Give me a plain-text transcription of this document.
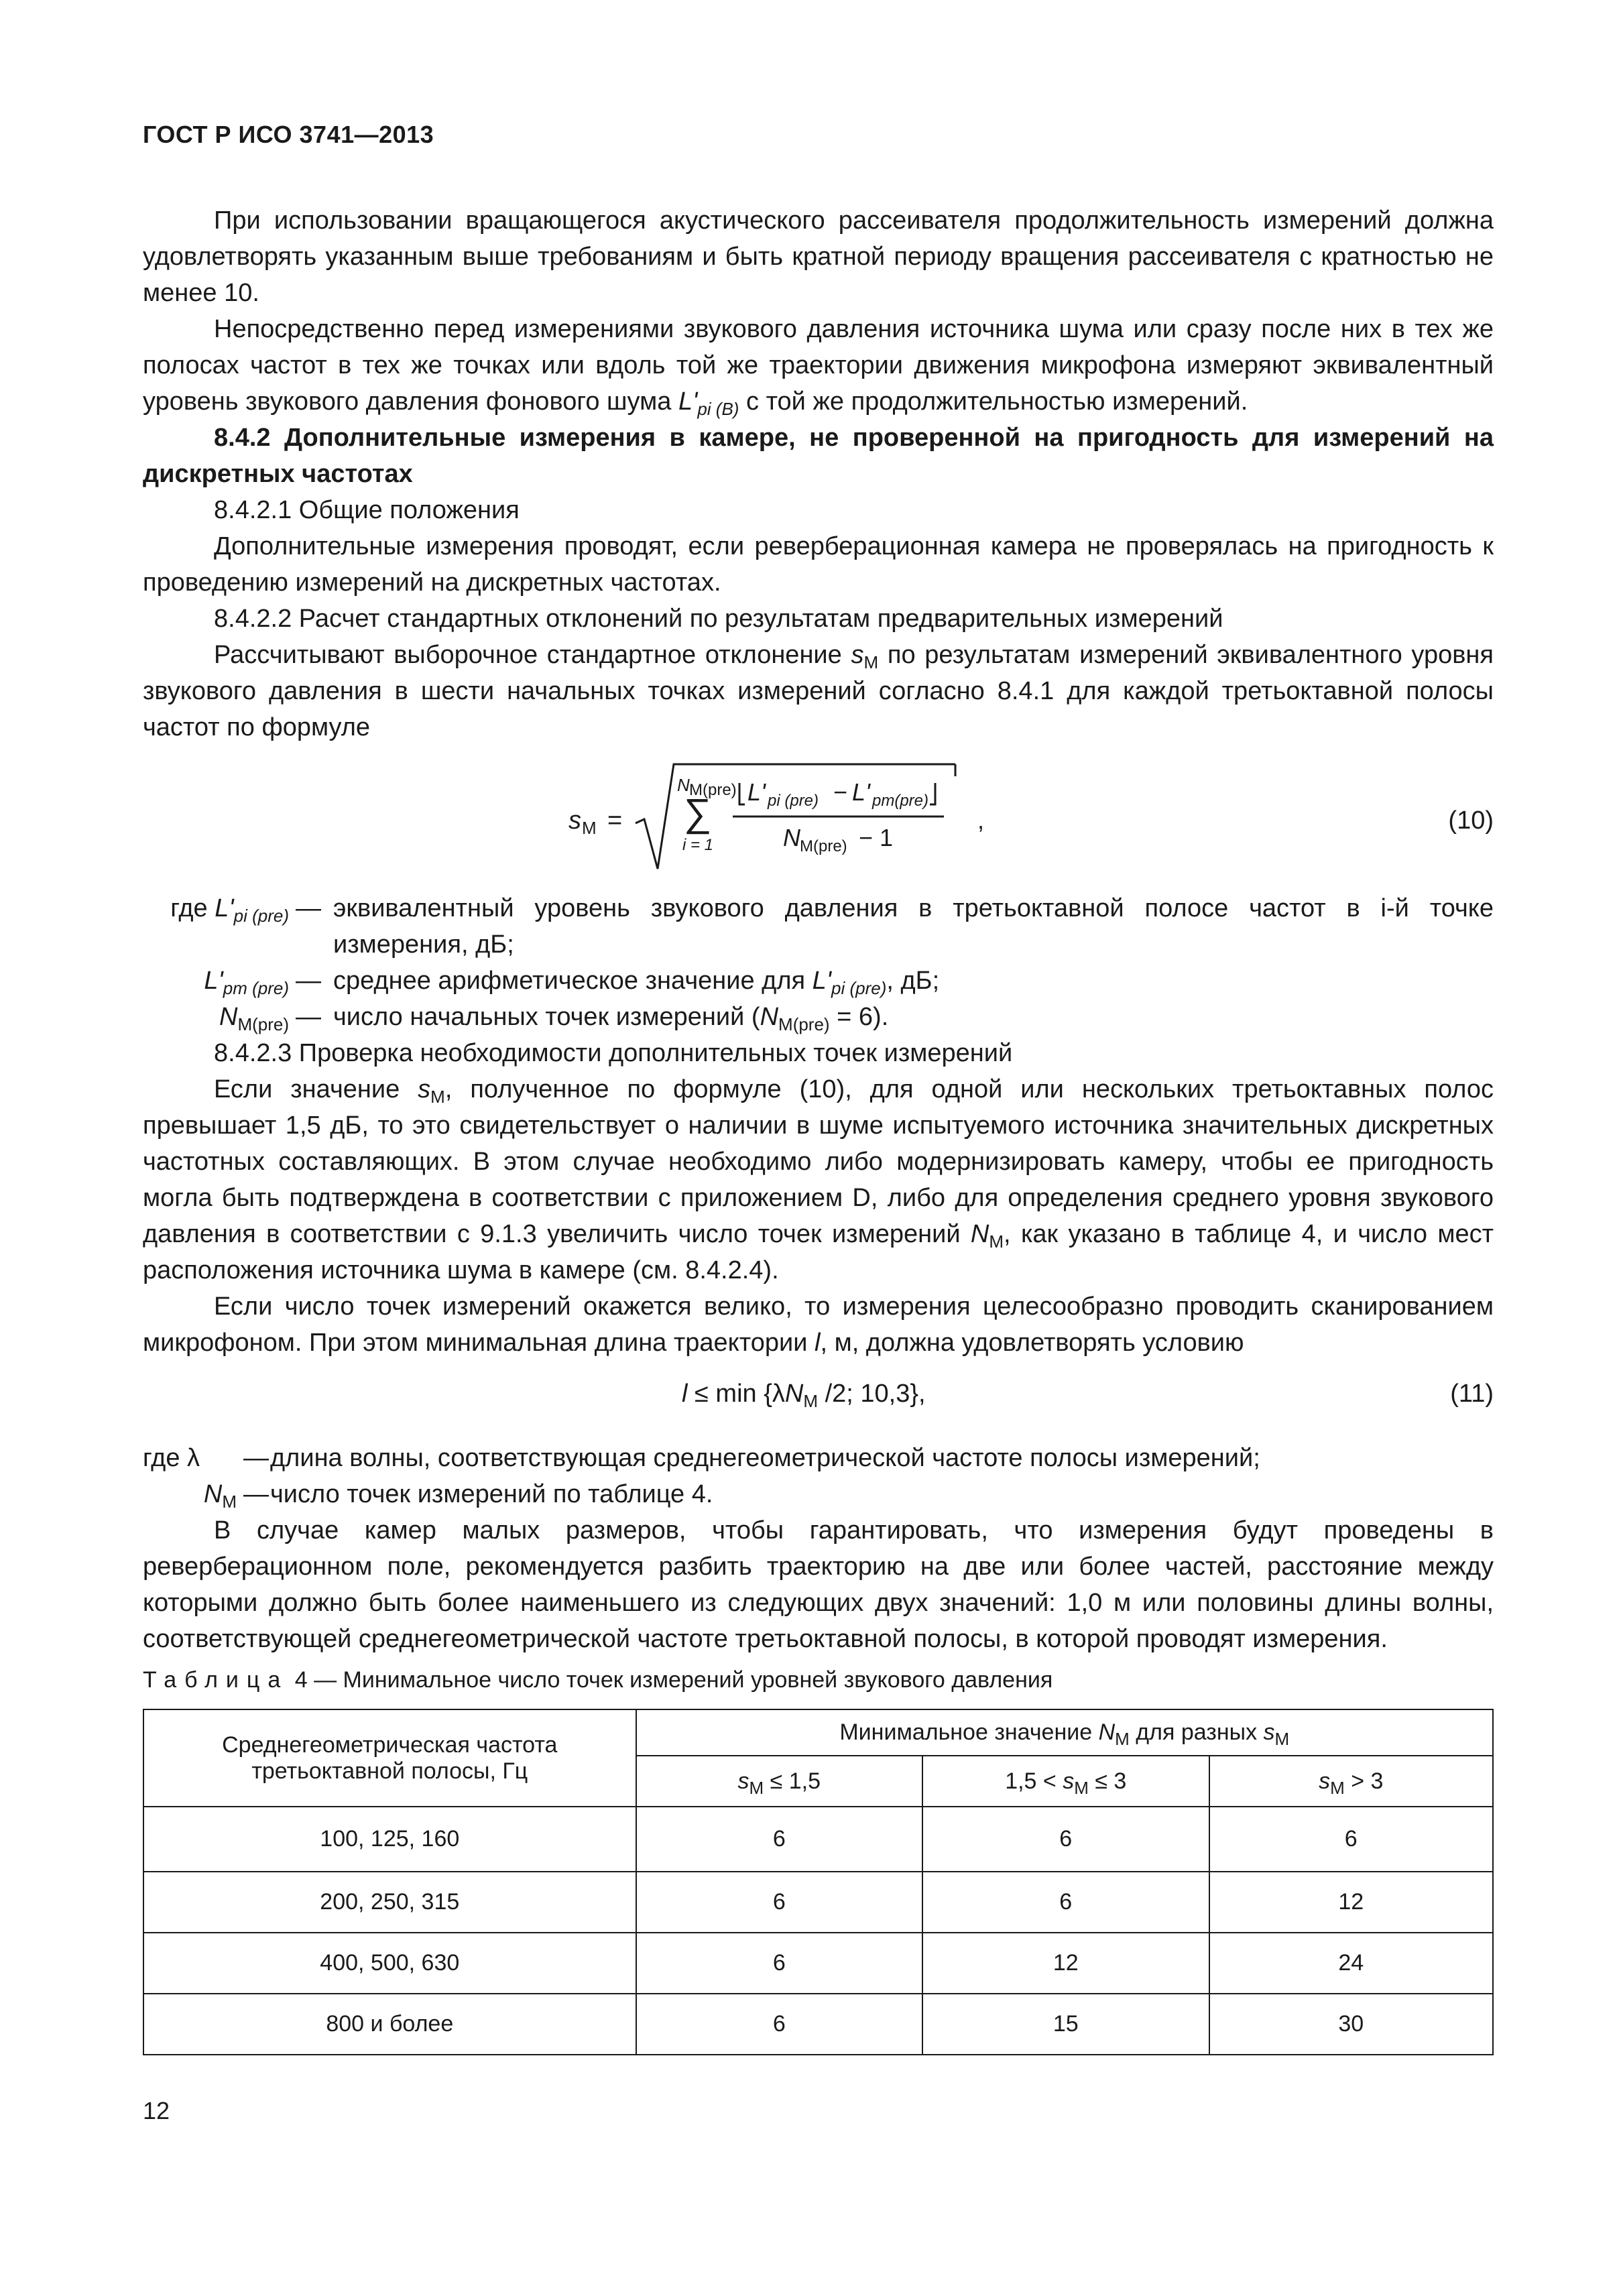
ГОСТ Р ИСО 3741—2013

При использовании вращающегося акустического рассеивателя продолжительность измерений должна удовлетворять указанным выше требованиям и быть кратной периоду вращения рассеивателя с кратностью не менее 10.

Непосредственно перед измерениями звукового давления источника шума или сразу после них в тех же полосах частот в тех же точках или вдоль той же траектории движения микрофона измеряют эквивалентный уровень звукового давления фонового шума $L'_{pi (B)}$ с той же продолжительностью измерений.

8.4.2 Дополнительные измерения в камере, не проверенной на пригодность для измерений на дискретных частотах

8.4.2.1 Общие положения

Дополнительные измерения проводят, если реверберационная камера не проверялась на пригодность к проведению измерений на дискретных частотах.

8.4.2.2 Расчет стандартных отклонений по результатам предварительных измерений

Рассчитывают выборочное стандартное отклонение $s_M$ по результатам измерений эквивалентного уровня звукового давления в шести начальных точках измерений согласно 8.4.1 для каждой третьоктавной полосы частот по формуле

s M =
N M(pre)
∑
i = 1
L' pi (pre) − L' pm(pre)
N M(pre) − 1
,	(10)
где $L'_{pi (pre)}$ — эквивалентный уровень звукового давления в третьоктавной полосе частот в i-й точке измерения, дБ;
$L'_{pm (pre)}$ — среднее арифметическое значение для $L'_{pi (pre)}$, дБ;
$N_{M(pre)}$ — число начальных точек измерений $(N_{M(pre)} = 6)$.

8.4.2.3 Проверка необходимости дополнительных точек измерений

Если значение $s_M$, полученное по формуле (10), для одной или нескольких третьоктавных полос превышает 1,5 дБ, то это свидетельствует о наличии в шуме испытуемого источника значительных дискретных частотных составляющих. В этом случае необходимо либо модернизировать камеру, чтобы ее пригодность могла быть подтверждена в соответствии с приложением D, либо для определения среднего уровня звукового давления в соответствии с 9.1.3 увеличить число точек измерений $N_M$, как указано в таблице 4, и число мест расположения источника шума в камере (см. 8.4.2.4).

Если число точек измерений окажется велико, то измерения целесообразно проводить сканированием микрофоном. При этом минимальная длина траектории l, м, должна удовлетворять условию

$l \le \min \{\lambda N_M$ /2; 10,3},	(11)
где λ	— длина волны, соответствующая среднегеометрической частоте полосы измерений;
$N_M$ — число точек измерений по таблице 4.

В случае камер малых размеров, чтобы гарантировать, что измерения будут проведены в реверберационном поле, рекомендуется разбить траекторию на две или более частей, расстояние между которыми должно быть более наименьшего из следующих двух значений: 1,0 м или половины длины волны, соответствующей среднегеометрической частоте третьоктавной полосы, в которой проводят измерения.

Таблица 4 — Минимальное число точек измерений уровней звукового давления
Среднегеометрическая частота третьоктавной полосы, Гц	Минимальное значение $N_M$ для разных $s_M$
	$s_M \le 1,5$	$1,5 < s_M \le 3$	$s_M > 3$
100, 125, 160	6	6	6
200, 250, 315	6	6	12
400, 500, 630	6	12	24
800 и более	6	15	30
12
